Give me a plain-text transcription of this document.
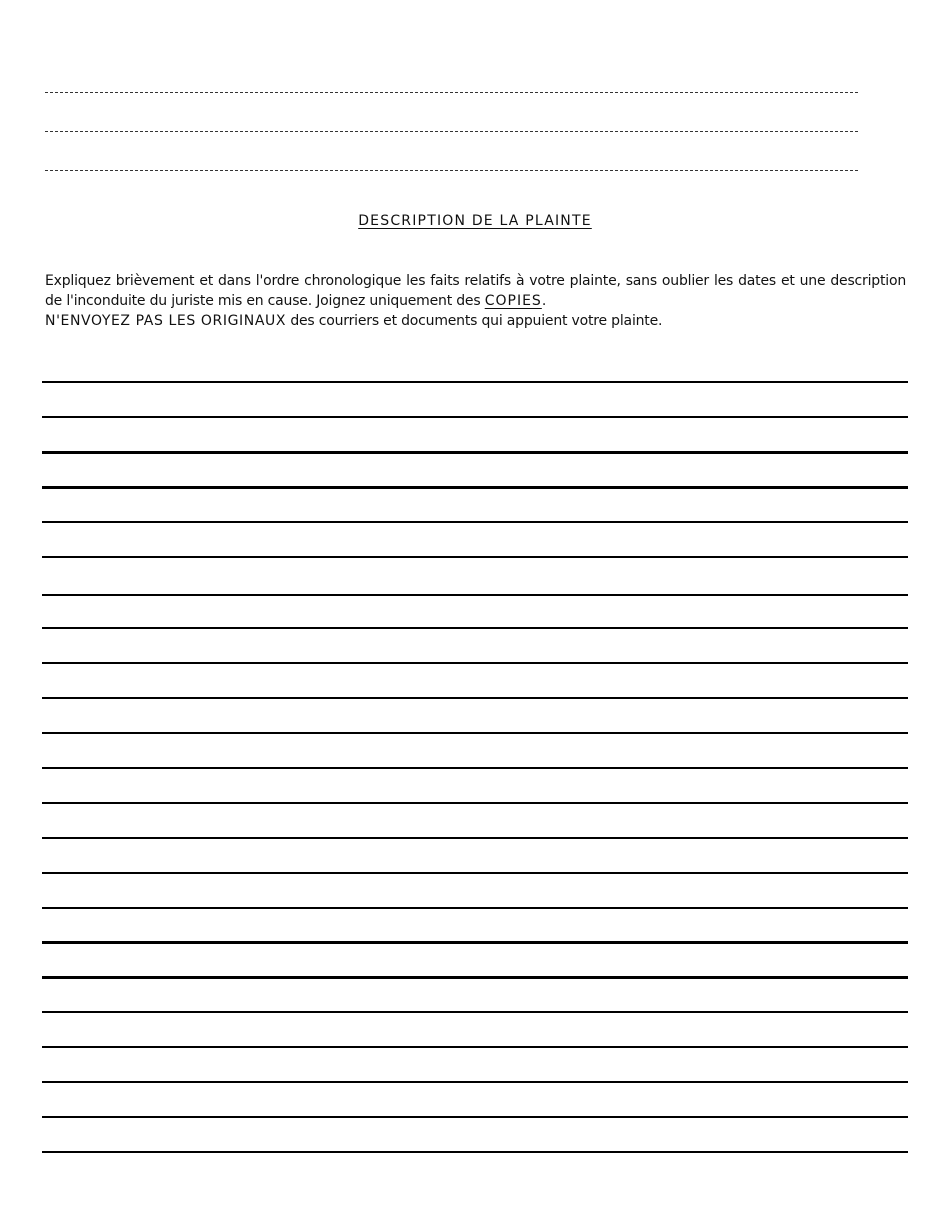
DESCRIPTION DE LA PLAINTE

Expliquez brièvement et dans l'ordre chronologique les faits relatifs à votre plainte, sans oublier les dates et une description de l'inconduite du juriste mis en cause. Joignez uniquement des COPIES.

N'ENVOYEZ PAS LES ORIGINAUX des courriers et documents qui appuient votre plainte.
